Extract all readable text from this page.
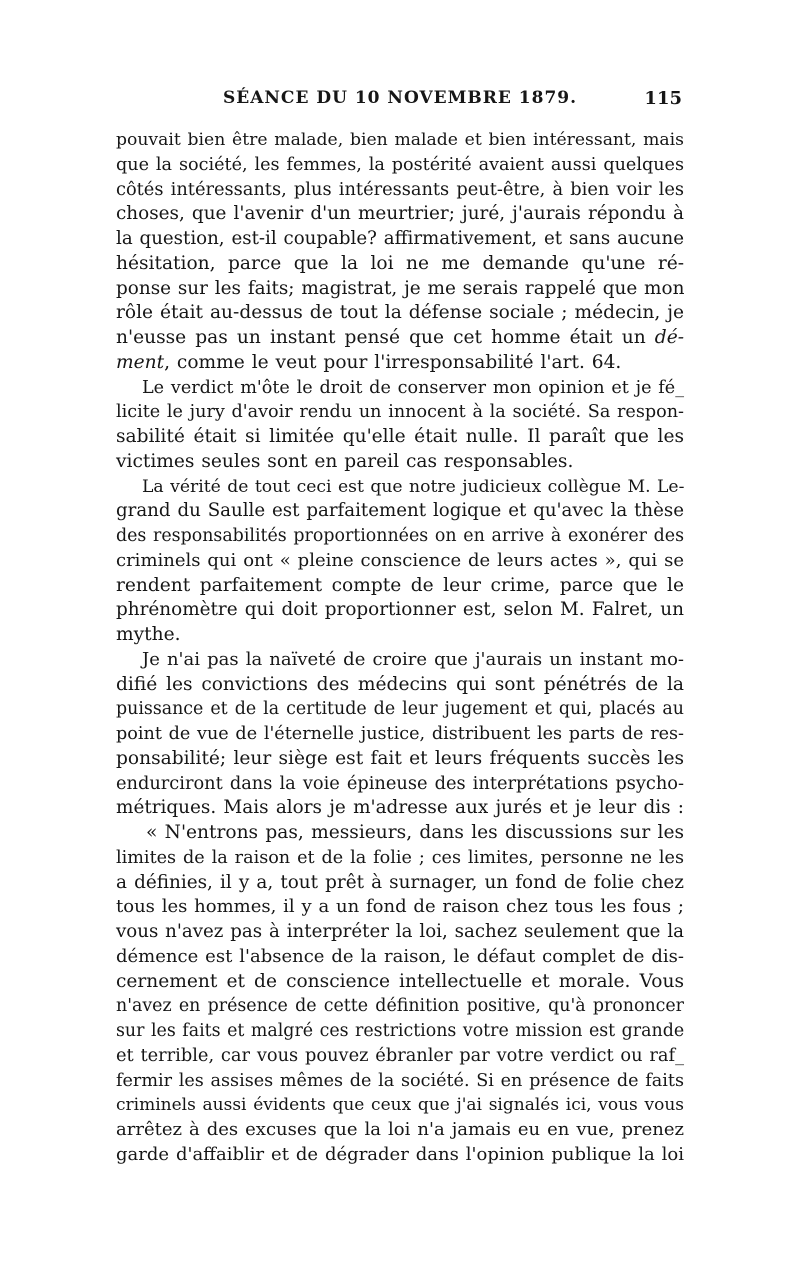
SÉANCE DU 10 NOVEMBRE 1879.	115
pouvait bien être malade, bien malade et bien intéressant, mais
que la société, les femmes, la postérité avaient aussi quelques
côtés intéressants, plus intéressants peut-être, à bien voir les
choses, que l'avenir d'un meurtrier; juré, j'aurais répondu à
la question, est-il coupable? affirmativement, et sans aucune
hésitation, parce que la loi ne me demande qu'une ré-
ponse sur les faits; magistrat, je me serais rappelé que mon
rôle était au-dessus de tout la défense sociale ; médecin, je
n'eusse pas un instant pensé que cet homme était un dé-
ment, comme le veut pour l'irresponsabilité l'art. 64.
Le verdict m'ôte le droit de conserver mon opinion et je fé_
licite le jury d'avoir rendu un innocent à la société. Sa respon-
sabilité était si limitée qu'elle était nulle. Il paraît que les
victimes seules sont en pareil cas responsables.
La vérité de tout ceci est que notre judicieux collègue M. Le-
grand du Saulle est parfaitement logique et qu'avec la thèse
des responsabilités proportionnées on en arrive à exonérer des
criminels qui ont « pleine conscience de leurs actes », qui se
rendent parfaitement compte de leur crime, parce que le
phrénomètre qui doit proportionner est, selon M. Falret, un
mythe.
Je n'ai pas la naïveté de croire que j'aurais un instant mo-
difié les convictions des médecins qui sont pénétrés de la
puissance et de la certitude de leur jugement et qui, placés au
point de vue de l'éternelle justice, distribuent les parts de res-
ponsabilité; leur siège est fait et leurs fréquents succès les
endurciront dans la voie épineuse des interprétations psycho-
métriques. Mais alors je m'adresse aux jurés et je leur dis :
« N'entrons pas, messieurs, dans les discussions sur les
limites de la raison et de la folie ; ces limites, personne ne les
a définies, il y a, tout prêt à surnager, un fond de folie chez
tous les hommes, il y a un fond de raison chez tous les fous ;
vous n'avez pas à interpréter la loi, sachez seulement que la
démence est l'absence de la raison, le défaut complet de dis-
cernement et de conscience intellectuelle et morale. Vous
n'avez en présence de cette définition positive, qu'à prononcer
sur les faits et malgré ces restrictions votre mission est grande
et terrible, car vous pouvez ébranler par votre verdict ou raf_
fermir les assises mêmes de la société. Si en présence de faits
criminels aussi évidents que ceux que j'ai signalés ici, vous vous
arrêtez à des excuses que la loi n'a jamais eu en vue, prenez
garde d'affaiblir et de dégrader dans l'opinion publique la loi
